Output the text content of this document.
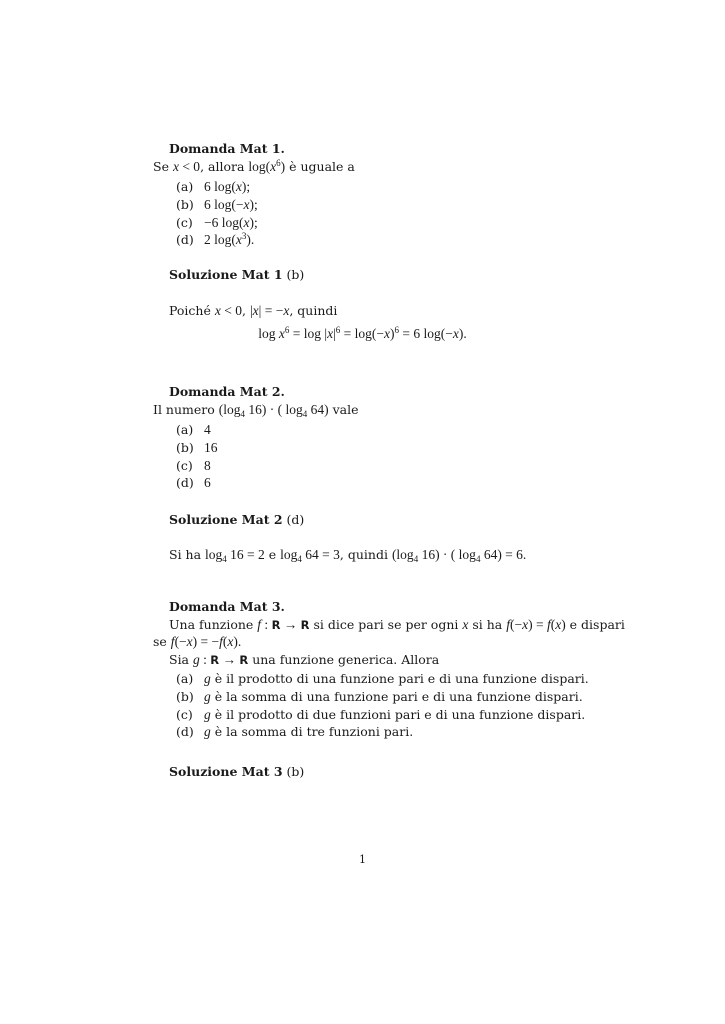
Domanda Mat 1.
Se x < 0, allora $\log(x^6)$ è uguale a
(a) 6 log(x);
(b) 6 log(−x);
(c) −6 log(x);
(d) 2 $\log(x^3)$.
Soluzione Mat 1 (b)
Poiché x < 0, |x| = −x, quindi
$\log x^6 = \log |x|^6 = \log(-x)^6 = 6$ log(−x).
Domanda Mat 2.
Il numero ($\log_4$ 16) · ( $\log_4 64$) vale
(a) 4
(b) 16
(c) 8
(d) 6
Soluzione Mat 2 (d)
Si ha $\log_4 16 = 2$ e $\log_4 64 = 3$, quindi ($\log_4$ 16) · ( $\log_4 64) = 6$.
Domanda Mat 3.
Una funzione f : R → R si dice pari se per ogni x si ha f(−x) = f(x) e dispari
se f(−x) = −f(x).
Sia g : R → R una funzione generica. Allora
(a) g è il prodotto di una funzione pari e di una funzione dispari.
(b) g è la somma di una funzione pari e di una funzione dispari.
(c) g è il prodotto di due funzioni pari e di una funzione dispari.
(d) g è la somma di tre funzioni pari.
Soluzione Mat 3 (b)
1
